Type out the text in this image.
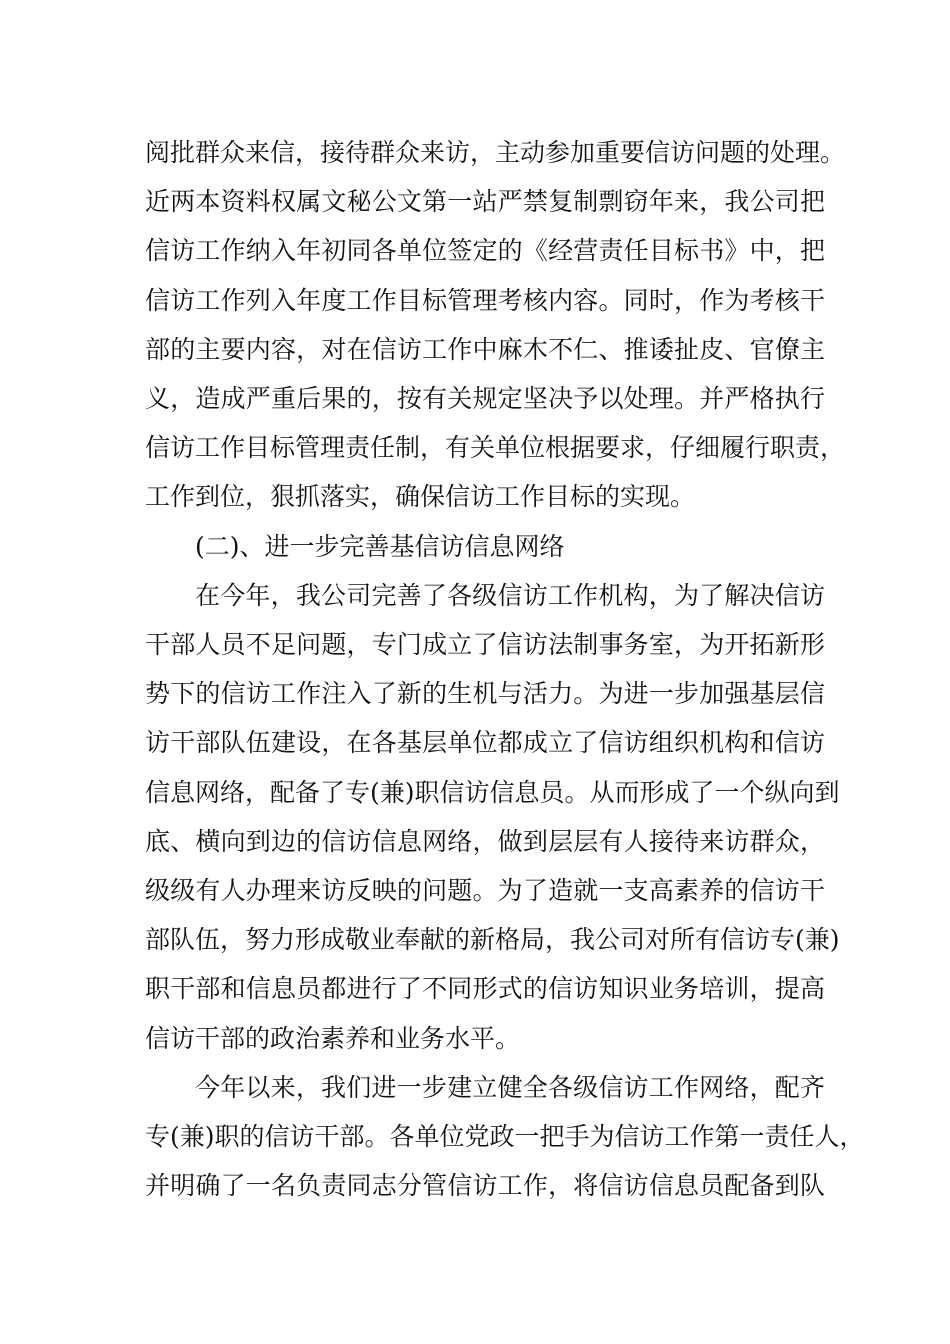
阅批群众来信，接待群众来访，主动参加重要信访问题的处理。
近两本资料权属文秘公文第一站严禁复制剽窃年来，我公司把
信访工作纳入年初同各单位签定的《经营责任目标书》中，把
信访工作列入年度工作目标管理考核内容。同时，作为考核干
部的主要内容，对在信访工作中麻木不仁、推诿扯皮、官僚主
义，造成严重后果的，按有关规定坚决予以处理。并严格执行
信访工作目标管理责任制，有关单位根据要求，仔细履行职责，
工作到位，狠抓落实，确保信访工作目标的实现。

(二)、进一步完善基信访信息网络

在今年，我公司完善了各级信访工作机构，为了解决信访
干部人员不足问题，专门成立了信访法制事务室，为开拓新形
势下的信访工作注入了新的生机与活力。为进一步加强基层信
访干部队伍建设，在各基层单位都成立了信访组织机构和信访
信息网络，配备了专(兼)职信访信息员。从而形成了一个纵向到
底、横向到边的信访信息网络，做到层层有人接待来访群众，
级级有人办理来访反映的问题。为了造就一支高素养的信访干
部队伍，努力形成敬业奉献的新格局，我公司对所有信访专(兼)
职干部和信息员都进行了不同形式的信访知识业务培训，提高
信访干部的政治素养和业务水平。

今年以来，我们进一步建立健全各级信访工作网络，配齐
专(兼)职的信访干部。各单位党政一把手为信访工作第一责任人，
并明确了一名负责同志分管信访工作，将信访信息员配备到队
